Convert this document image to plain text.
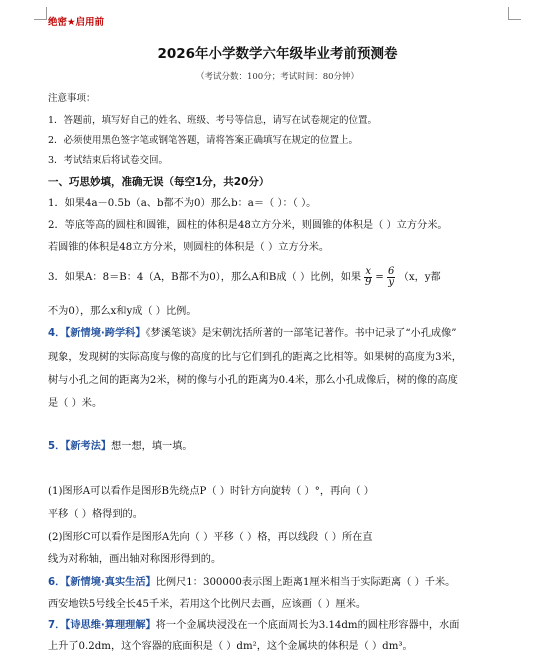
绝密★启用前
2026年小学数学六年级毕业考前预测卷
（考试分数：100分；考试时间：80分钟）
注意事项：
1．答题前，填写好自己的姓名、班级、考号等信息，请写在试卷规定的位置。
2．必须使用黑色签字笔或钢笔答题，请将答案正确填写在规定的位置上。
3．考试结束后将试卷交回。
一、巧思妙填，准确无误（每空1分，共20分）
1．如果4a－0.5b（a、b都不为0）那么b：a＝（ ）：（ ）。
2．等底等高的圆柱和圆锥，圆柱的体积是48立方分米，则圆锥的体积是（ ）立方分米。
若圆锥的体积是48立方分米，则圆柱的体积是（ ）立方分米。
3．如果A：8＝B：4（A，B都不为0），那么A和B成（ ）比例，如果 $\frac{x}{9} = \frac{6}{y} (x$，y都
不为0），那么x和y成（ ）比例。
4．【新情境·跨学科】《梦溪笔谈》是宋朝沈括所著的一部笔记著作。书中记录了“小孔成像”
现象，发现树的实际高度与像的高度的比与它们到孔的距离之比相等。如果树的高度为3米，
树与小孔之间的距离为2米，树的像与小孔的距离为0.4米，那么小孔成像后，树的像的高度
是（ ）米。
5．【新考法】想一想，填一填。
(1)图形A可以看作是图形B先绕点P（ ）时针方向旋转（ ）°，再向（ ）
平移（ ）格得到的。
(2)图形C可以看作是图形A先向（ ）平移（ ）格，再以线段（ ）所在直
线为对称轴，画出轴对称图形得到的。
6．【新情境·真实生活】比例尺1：300000表示图上距离1厘米相当于实际距离（ ）千米。
西安地铁5号线全长45千米，若用这个比例尺去画，应该画（ ）厘米。
7．【诗思维·算理理解】将一个金属块浸没在一个底面周长为3.14dm的圆柱形容器中，水面
上升了0.2dm，这个容器的底面积是（ ）dm²，这个金属块的体积是（ ）dm³。
